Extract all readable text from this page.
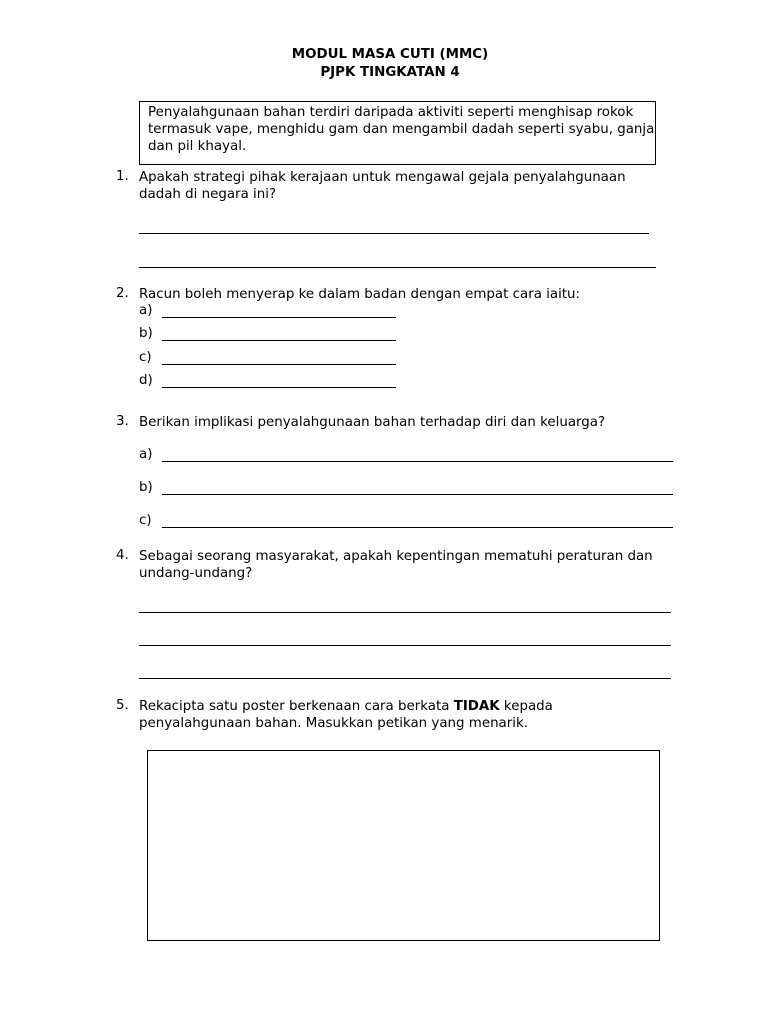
MODUL MASA CUTI (MMC)
PJPK TINGKATAN 4
Penyalahgunaan bahan terdiri daripada aktiviti seperti menghisap rokok termasuk vape, menghidu gam dan mengambil dadah seperti syabu, ganja dan pil khayal.
1. Apakah strategi pihak kerajaan untuk mengawal gejala penyalahgunaan dadah di negara ini?
2. Racun boleh menyerap ke dalam badan dengan empat cara iaitu:
a)
b)
c)
d)
3. Berikan implikasi penyalahgunaan bahan terhadap diri dan keluarga?
a)
b)
c)
4. Sebagai seorang masyarakat, apakah kepentingan mematuhi peraturan dan undang-undang?
5. Rekacipta satu poster berkenaan cara berkata TIDAK kepada penyalahgunaan bahan. Masukkan petikan yang menarik.
